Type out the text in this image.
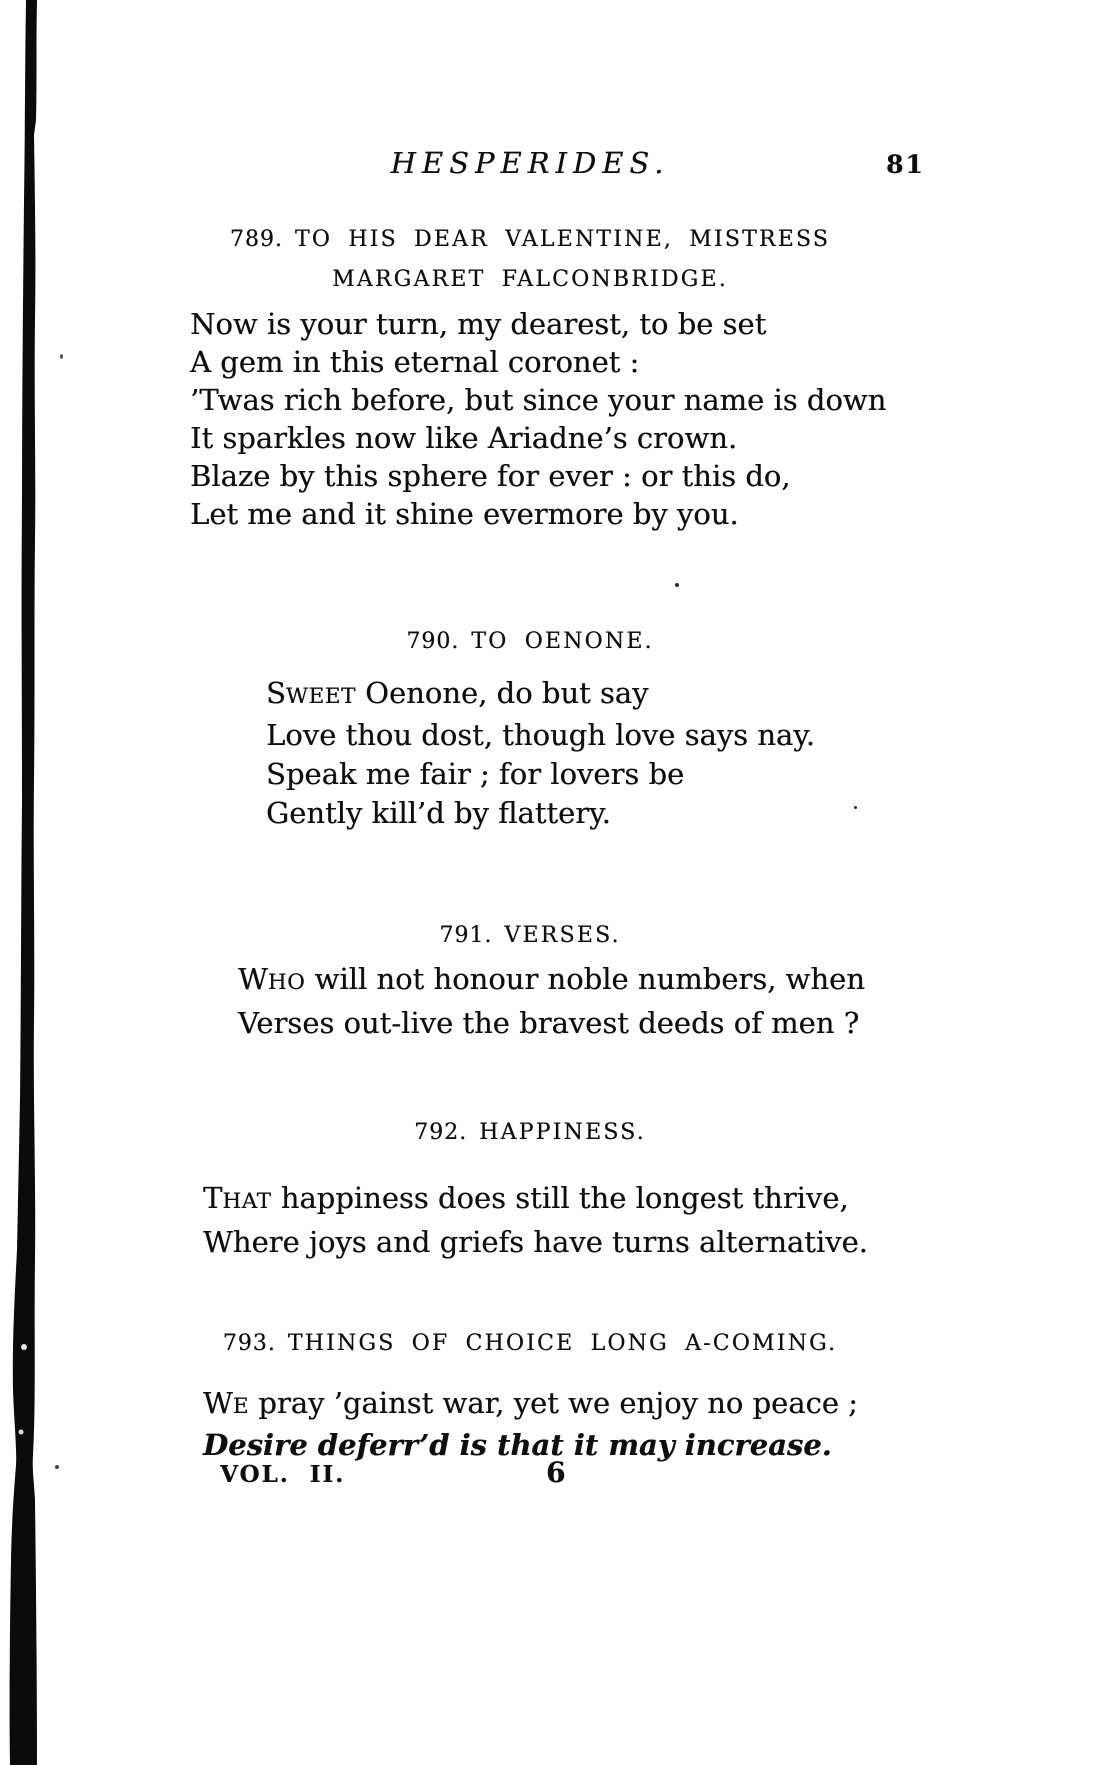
HESPERIDES.	81
789. TO HIS DEAR VALENTINE, MISTRESS
MARGARET FALCONBRIDGE.
Now is your turn, my dearest, to be set
A gem in this eternal coronet :
’Twas rich before, but since your name is down
It sparkles now like Ariadne’s crown.
Blaze by this sphere for ever : or this do,
Let me and it shine evermore by you.
790. TO OENONE.
SWEET Oenone, do but say
Love thou dost, though love says nay.
Speak me fair ; for lovers be
Gently kill’d by flattery.
791. VERSES.
WHO will not honour noble numbers, when
Verses out-live the bravest deeds of men ?
792. HAPPINESS.
THAT happiness does still the longest thrive,
Where joys and griefs have turns alternative.
793. THINGS OF CHOICE LONG A-COMING.
WE pray ’gainst war, yet we enjoy no peace ;
Desire deferr’d is that it may increase.
VOL. II.	6
